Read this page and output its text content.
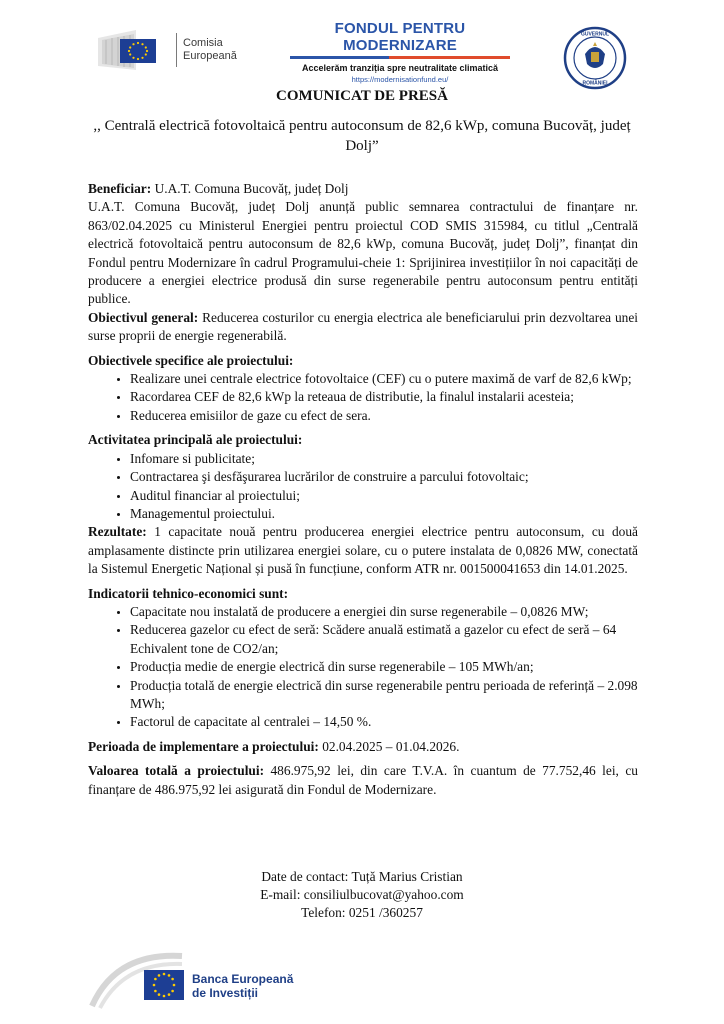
Comisia
Europeană
FONDUL PENTRU MODERNIZARE
Accelerăm tranziția spre neutralitate climatică
https://modernisationfund.eu/
GUVERNUL
ROMÂNIEI
COMUNICAT DE PRESĂ
,, Centrală electrică fotovoltaică pentru autoconsum de 82,6 kWp, comuna Bucovăț, județ Dolj”

Beneficiar: U.A.T. Comuna Bucovăț, județ Dolj

U.A.T. Comuna Bucovăț, județ Dolj anunță public semnarea contractului de finanțare nr. 863/02.04.2025 cu Ministerul Energiei pentru proiectul COD SMIS 315984, cu titlul „Centrală electrică fotovoltaică pentru autoconsum de 82,6 kWp, comuna Bucovăț, județ Dolj”, finanțat din Fondul pentru Modernizare în cadrul Programului-cheie 1: Sprijinirea investițiilor în noi capacități de producere a energiei electrice produsă din surse regenerabile pentru autoconsum pentru entități publice.

Obiectivul general: Reducerea costurilor cu energia electrica ale beneficiarului prin dezvoltarea unei surse proprii de energie regenerabilă.

Obiectivele specifice ale proiectului:

• Realizare unei centrale electrice fotovoltaice (CEF) cu o putere maximă de varf de 82,6 kWp;
• Racordarea CEF de 82,6 kWp la reteaua de distributie, la finalul instalarii acesteia;
• Reducerea emisiilor de gaze cu efect de sera.

Activitatea principală ale proiectului:

• Infomare si publicitate;
• Contractarea şi desfăşurarea lucrărilor de construire a parcului fotovoltaic;
• Auditul financiar al proiectului;
• Managementul proiectului.

Rezultate: 1 capacitate nouă pentru producerea energiei electrice pentru autoconsum, cu două amplasamente distincte prin utilizarea energiei solare, cu o putere instalata de 0,0826 MW, conectată la Sistemul Energetic Național și pusă în funcțiune, conform ATR nr. 001500041653 din 14.01.2025.

Indicatorii tehnico-economici sunt:

• Capacitate nou instalată de producere a energiei din surse regenerabile – 0,0826 MW;
• Reducerea gazelor cu efect de seră: Scădere anuală estimată a gazelor cu efect de seră – 64 Echivalent tone de CO2/an;
• Producția medie de energie electrică din surse regenerabile – 105 MWh/an;
• Producția totală de energie electrică din surse regenerabile pentru perioada de referință – 2.098 MWh;
• Factorul de capacitate al centralei – 14,50 %.

Perioada de implementare a proiectului: 02.04.2025 – 01.04.2026.

Valoarea totală a proiectului: 486.975,92 lei, din care T.V.A. în cuantum de 77.752,46 lei, cu finanțare de 486.975,92 lei asigurată din Fondul de Modernizare.

Date de contact: Tuță Marius Cristian
E-mail: consiliulbucovat@yahoo.com
Telefon: 0251 /360257
Banca Europeană
de Investiții
